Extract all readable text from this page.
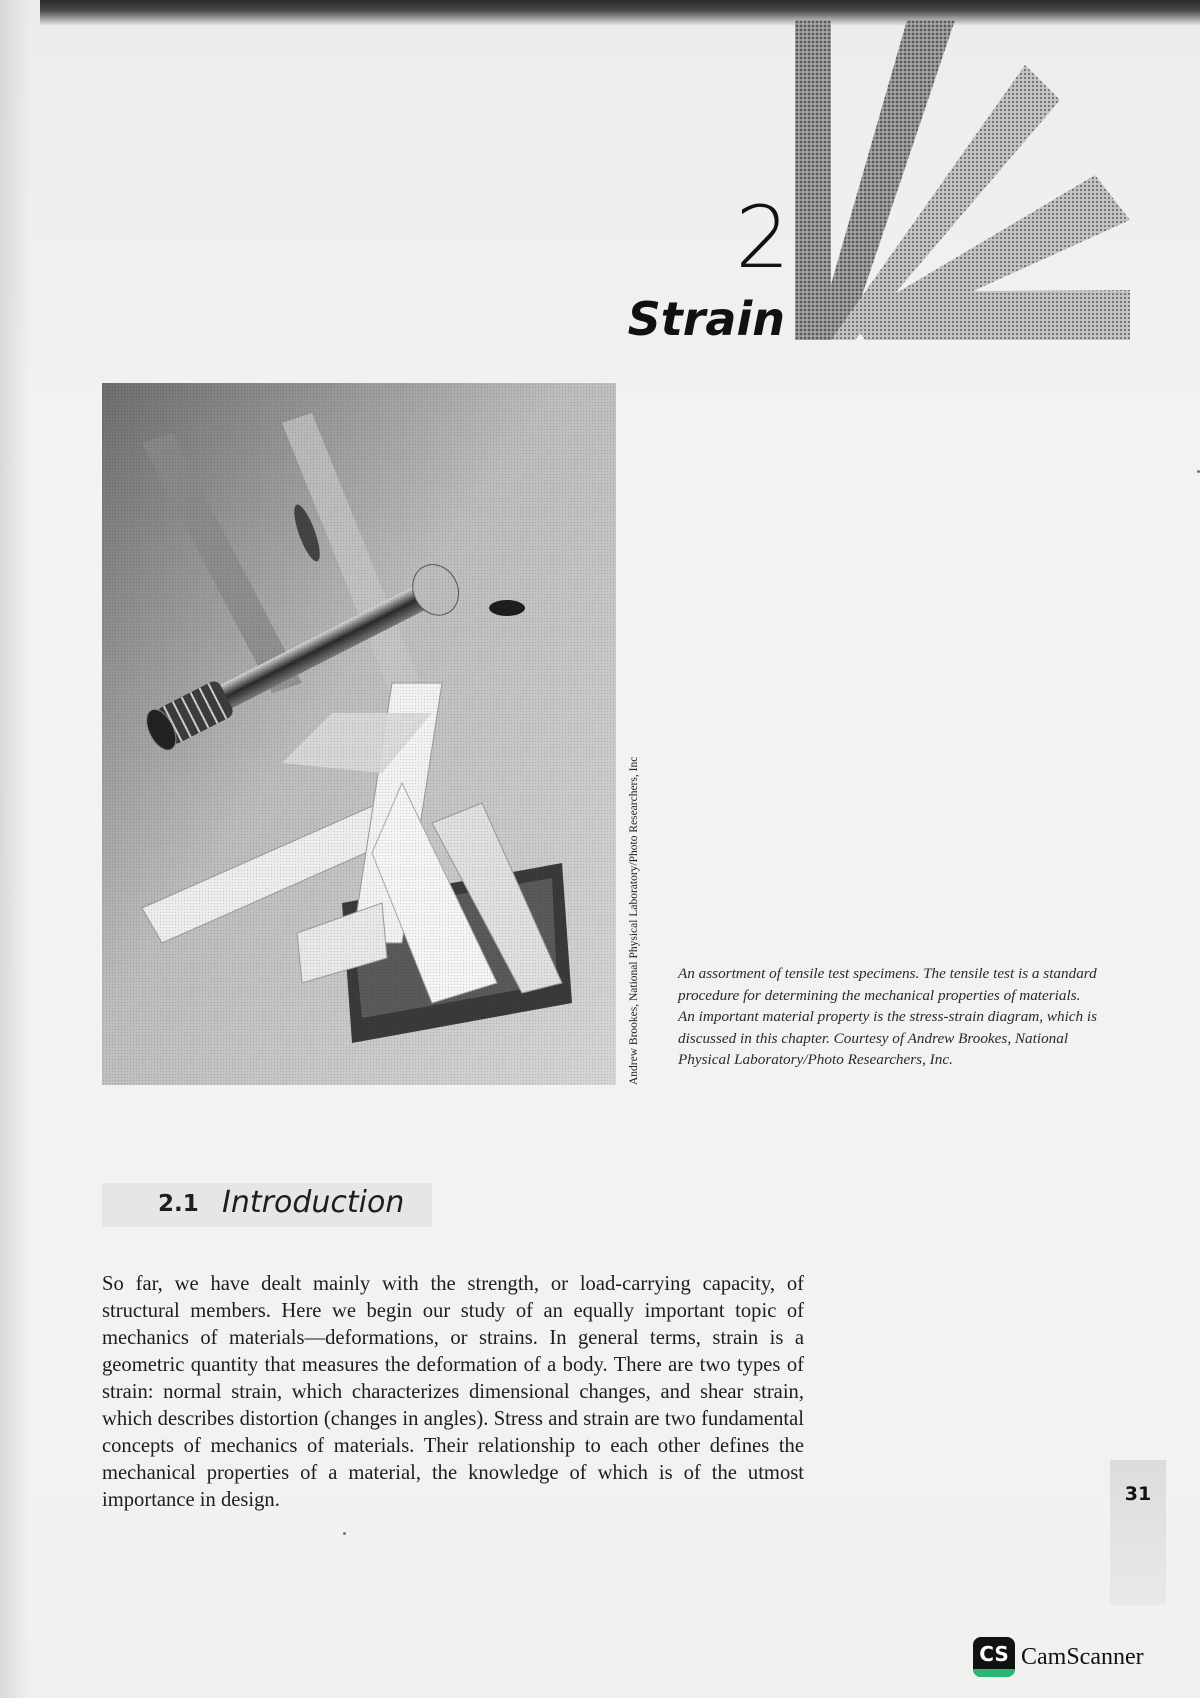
2
Strain
Andrew Brookes, National Physical Laboratory/Photo Researchers, Inc	An assortment of tensile test specimens. The tensile test is a standard procedure for determining the mechanical properties of materials. An important material property is the stress-strain diagram, which is discussed in this chapter. Courtesy of Andrew Brookes, National Physical Laboratory/Photo Researchers, Inc.
2.1 Introduction

So far, we have dealt mainly with the strength, or load-carrying capacity, of structural members. Here we begin our study of an equally important topic of mechanics of materials—deformations, or strains. In general terms, strain is a geometric quantity that measures the deformation of a body. There are two types of strain: normal strain, which characterizes dimensional changes, and shear strain, which describes distortion (changes in angles). Stress and strain are two fundamental concepts of mechanics of materials. Their relationship to each other defines the mechanical properties of a material, the knowledge of which is of the utmost importance in design.	31
CS CamScanner
